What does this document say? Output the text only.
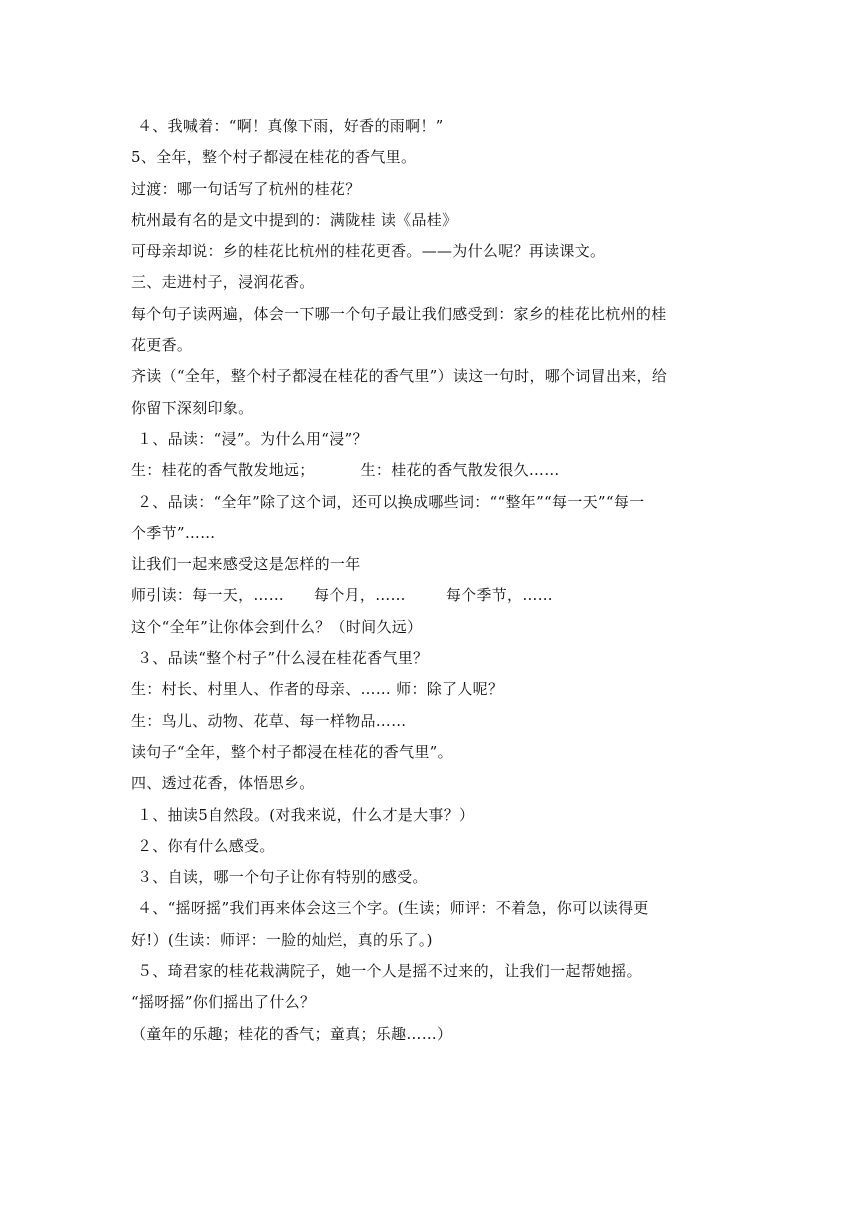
４、我喊着：“啊！真像下雨，好香的雨啊！”
5、全年，整个村子都浸在桂花的香气里。
过渡：哪一句话写了杭州的桂花？
杭州最有名的是文中提到的：满陇桂 读《品桂》
可母亲却说：乡的桂花比杭州的桂花更香。——为什么呢？再读课文。
三、走进村子，浸润花香。
每个句子读两遍，体会一下哪一个句子最让我们感受到：家乡的桂花比杭州的桂
花更香。
齐读（“全年，整个村子都浸在桂花的香气里”）读这一句时，哪个词冒出来，给
你留下深刻印象。
１、品读：“浸”。为什么用“浸”？
生：桂花的香气散发地远；	生：桂花的香气散发很久……
２、品读：“全年”除了这个词，还可以换成哪些词：““整年”“每一天”“每一
个季节”……
让我们一起来感受这是怎样的一年
师引读：每一天，…… 每个月，……	每个季节，……
这个“全年”让你体会到什么？（时间久远）
３、品读“整个村子”什么浸在桂花香气里？
生：村长、村里人、作者的母亲、…… 师：除了人呢？
生：鸟儿、动物、花草、每一样物品……
读句子“全年，整个村子都浸在桂花的香气里”。
四、透过花香，体悟思乡。
１、抽读5自然段。(对我来说，什么才是大事？）
２、你有什么感受。
３、自读，哪一个句子让你有特别的感受。
４、“摇呀摇”我们再来体会这三个字。(生读；师评：不着急，你可以读得更
好!）(生读：师评：一脸的灿烂，真的乐了。)
５、琦君家的桂花栽满院子，她一个人是摇不过来的，让我们一起帮她摇。
“摇呀摇”你们摇出了什么？
（童年的乐趣；桂花的香气；童真；乐趣……）
